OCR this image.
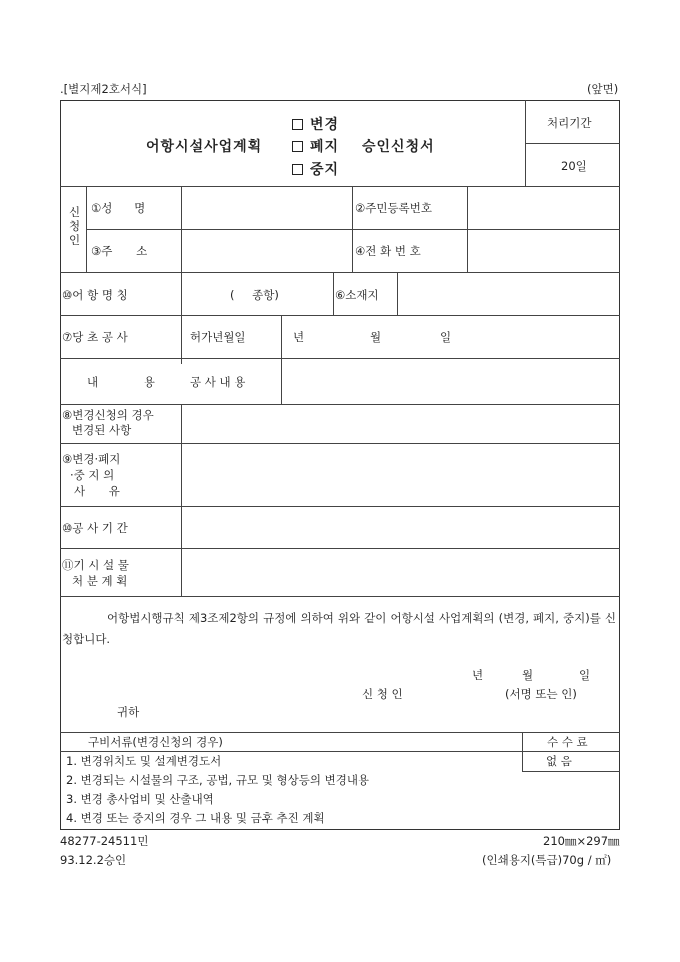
.[별지제2호서식]	(앞면)
어항시설사업계획
변경
폐지
중지
승인신청서
처리기간
20일
신
청
인
①성 명	②주민등록번호
③주 소	④전 화 번 호
⑩어 항 명 칭	( 종항)	⑥소재지
⑦당 초 공 사	허가년월일	년	월	일
내 용	공 사 내 용
⑧변경신청의 경우
변경된 사항
⑨변경·폐지
·중 지 의
사 유
⑩공 사 기 간
⑪기 시 설 물
처 분 계 획
어항법시행규칙 제3조제2항의 규정에 의하여 위와 같이 어항시설 사업계획의 (변경, 폐지, 중지)를 신청합니다.
년	월	일
신 청 인	(서명 또는 인)
귀하
구비서류(변경신청의 경우)	수 수 료
없 음
1. 변경위치도 및 설계변경도서
2. 변경되는 시설물의 구조, 공법, 규모 및 형상등의 변경내용
3. 변경 총사업비 및 산출내역
4. 변경 또는 중지의 경우 그 내용 및 금후 추진 계획
48277-24511민
93.12.2승인
210㎜×297㎜
(인쇄용지(특급)70g / ㎡)
